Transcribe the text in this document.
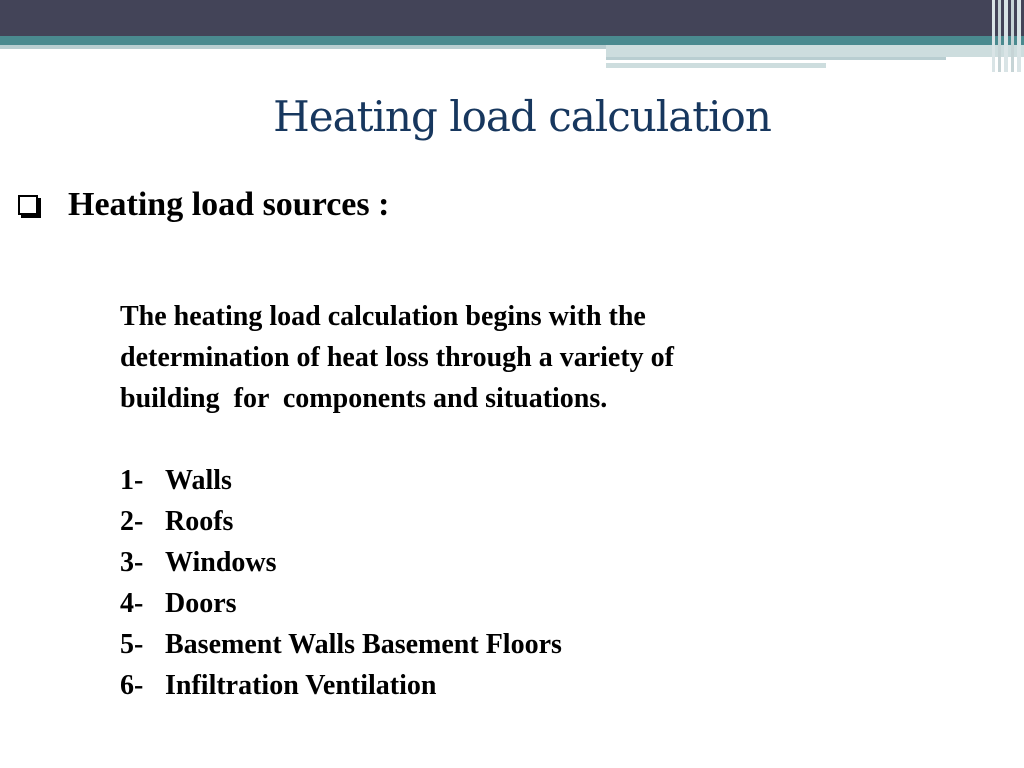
Heating load calculation
Heating load sources :
The heating load calculation begins with the
determination of heat loss through a variety of
building  for  components and situations.
1- Walls
2- Roofs
3- Windows
4- Doors
5- Basement Walls Basement Floors
6- Infiltration Ventilation
